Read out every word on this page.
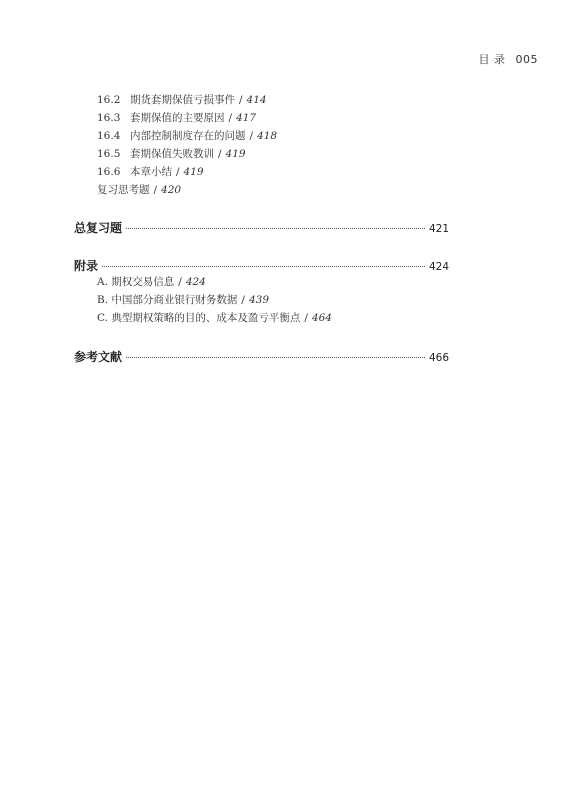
目 录 005
16.2 期货套期保值亏损事件 / 414
16.3 套期保值的主要原因 / 417
16.4 内部控制制度存在的问题 / 418
16.5 套期保值失败教训 / 419
16.6 本章小结 / 419
复习思考题 / 420
总复习题	421
附录	424
A. 期权交易信息 / 424
B. 中国部分商业银行财务数据 / 439
C. 典型期权策略的目的、成本及盈亏平衡点 / 464
参考文献	466
